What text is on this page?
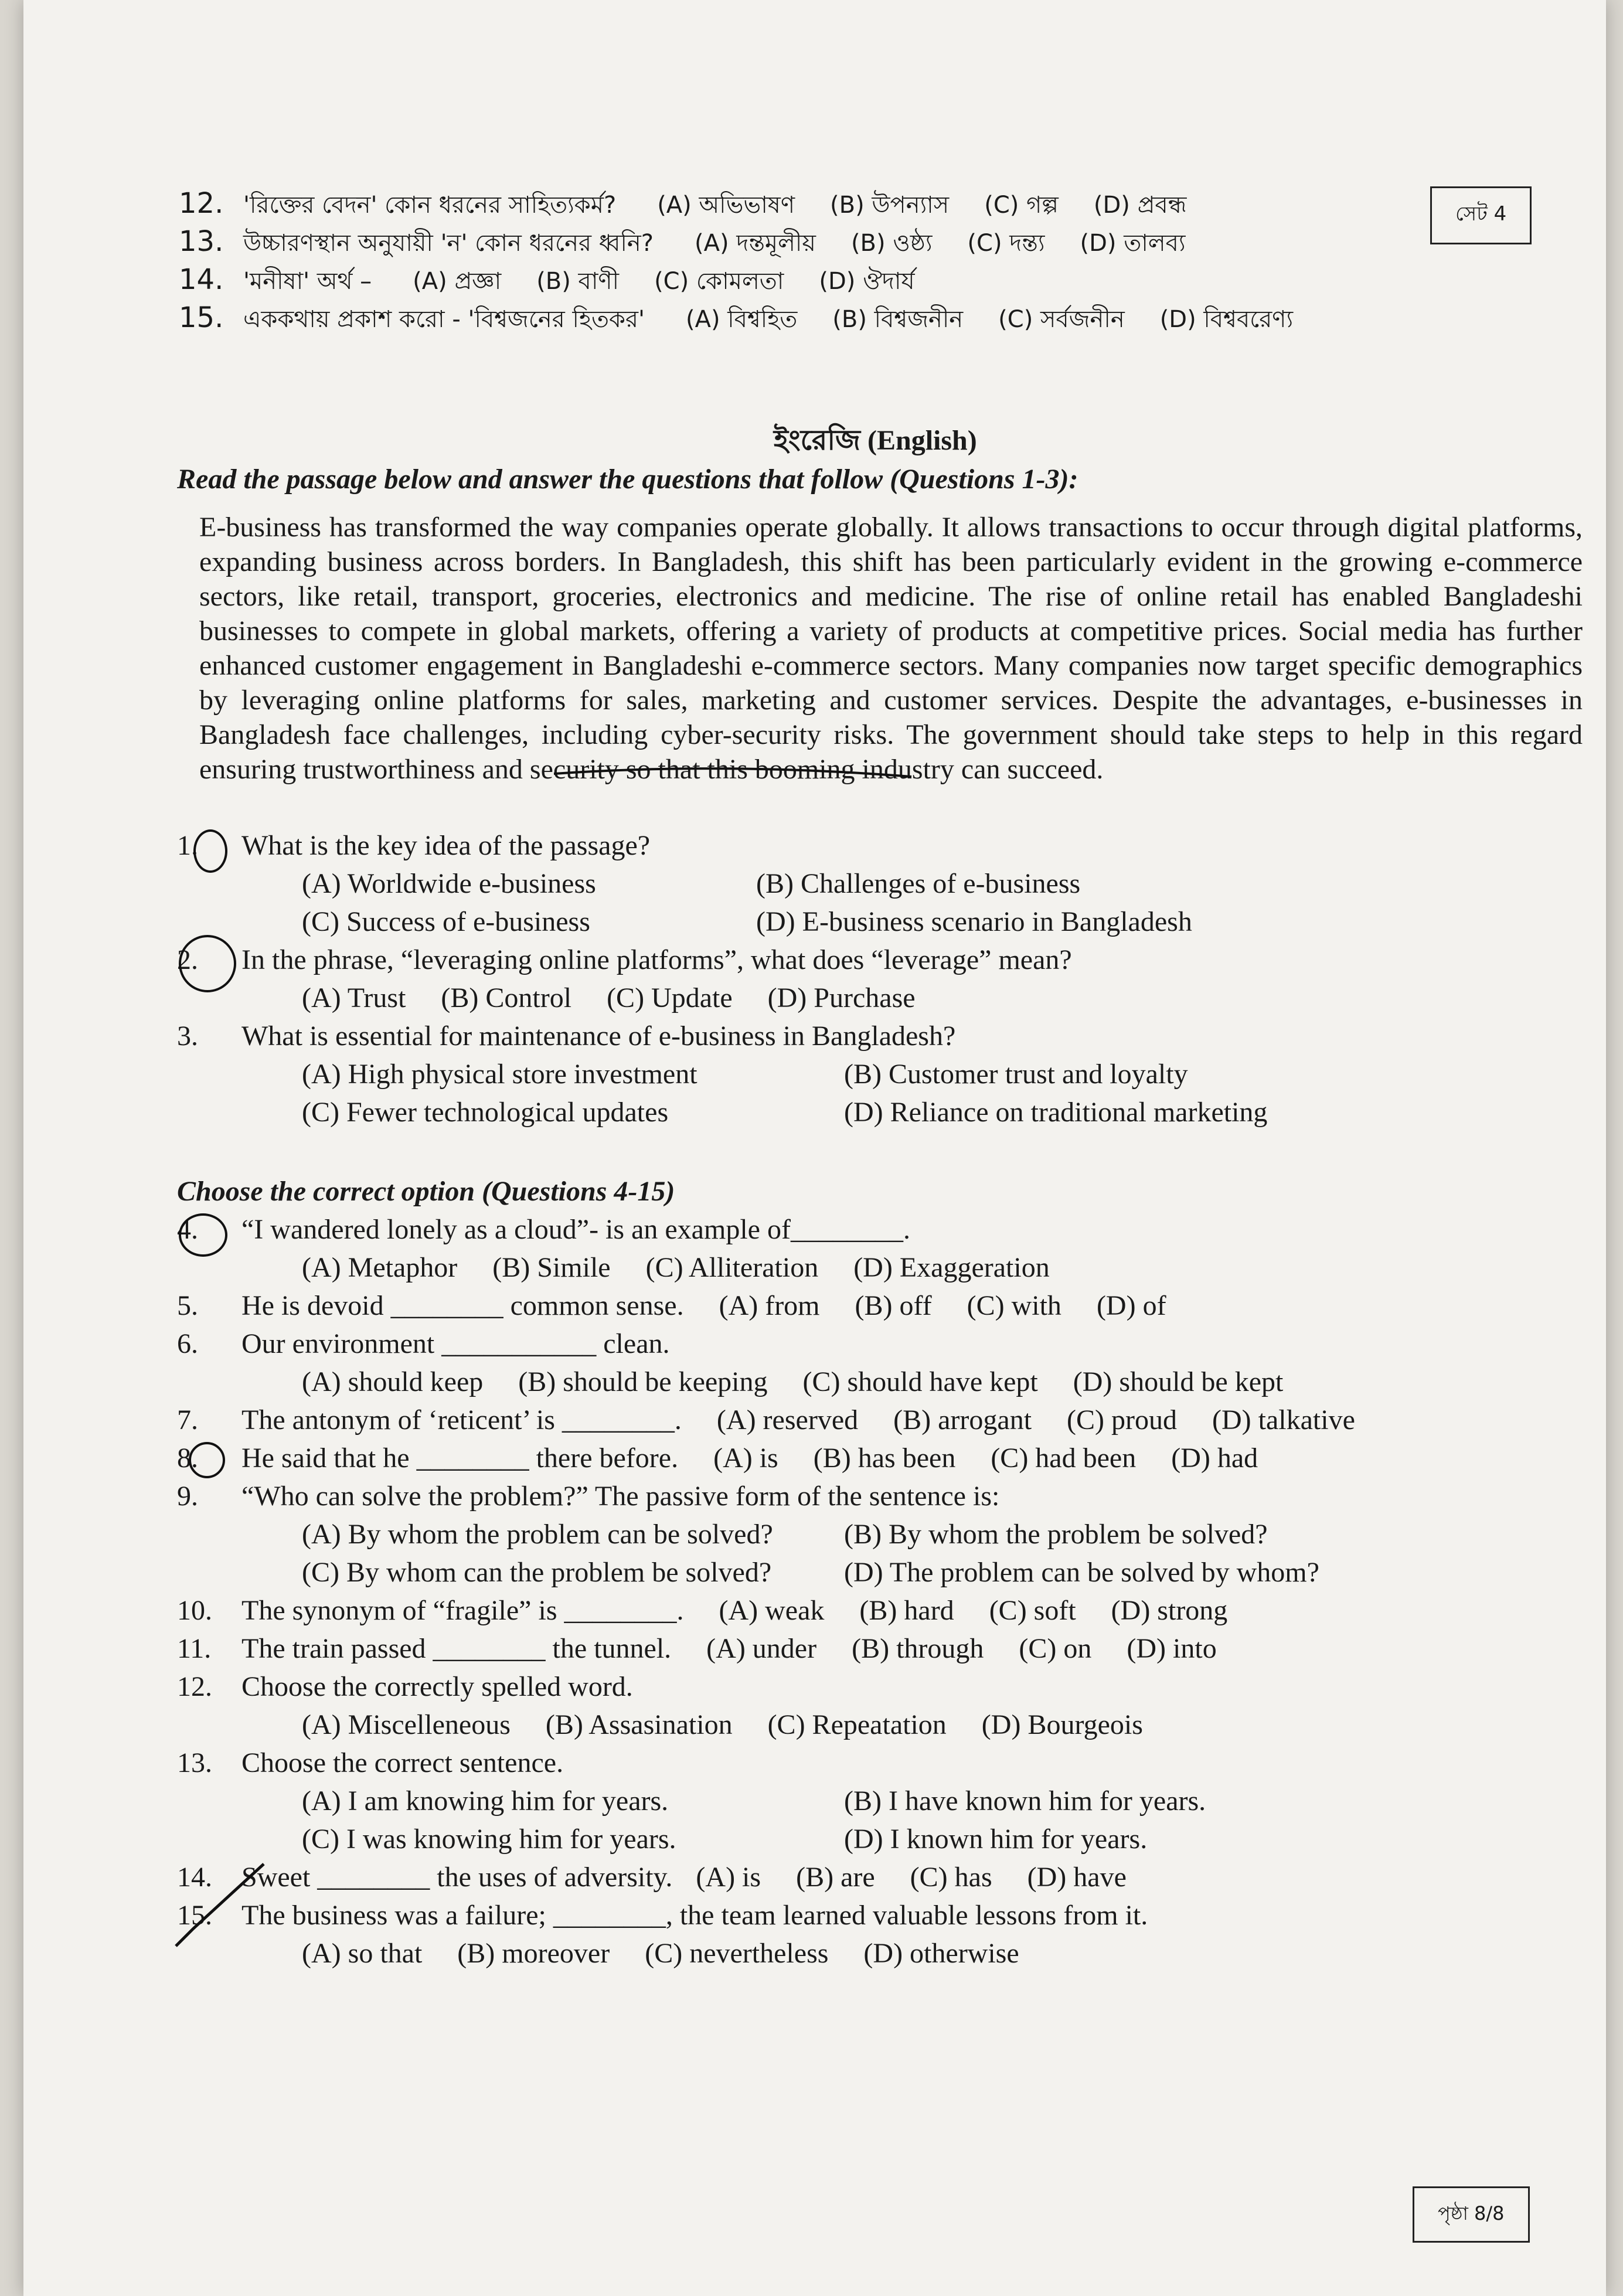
সেট 4
12. 'রিক্তের বেদন' কোন ধরনের সাহিত্যকর্ম? (A) অভিভাষণ (B) উপন্যাস (C) গল্প (D) প্রবন্ধ
13. উচ্চারণস্থান অনুযায়ী 'ন' কোন ধরনের ধ্বনি? (A) দন্তমূলীয় (B) ওষ্ঠ্য (C) দন্ত্য (D) তালব্য
14. 'মনীষা' অর্থ – (A) প্রজ্ঞা (B) বাণী (C) কোমলতা (D) ঔদার্য
15. এককথায় প্রকাশ করো - 'বিশ্বজনের হিতকর' (A) বিশ্বহিত (B) বিশ্বজনীন (C) সর্বজনীন (D) বিশ্ববরেণ্য
ইংরেজি (English)
Read the passage below and answer the questions that follow (Questions 1-3):
E-business has transformed the way companies operate globally. It allows transactions to occur through digital platforms, expanding business across borders. In Bangladesh, this shift has been particularly evident in the growing e-commerce sectors, like retail, transport, groceries, electronics and medicine. The rise of online retail has enabled Bangladeshi businesses to compete in global markets, offering a variety of products at competitive prices. Social media has further enhanced customer engagement in Bangladeshi e-commerce sectors. Many companies now target specific demographics by leveraging online platforms for sales, marketing and customer services. Despite the advantages, e-businesses in Bangladesh face challenges, including cyber-security risks. The government should take steps to help in this regard ensuring trustworthiness and security so that this booming industry can succeed.
1. What is the key idea of the passage?
(A) Worldwide e-business	(B) Challenges of e-business
(C) Success of e-business	(D) E-business scenario in Bangladesh
2. In the phrase, “leveraging online platforms”, what does “leverage” mean?
(A) Trust (B) Control (C) Update (D) Purchase
3. What is essential for maintenance of e-business in Bangladesh?
(A) High physical store investment	(B) Customer trust and loyalty
(C) Fewer technological updates	(D) Reliance on traditional marketing
Choose the correct option (Questions 4-15)
4. “I wandered lonely as a cloud”- is an example of________.
(A) Metaphor (B) Simile (C) Alliteration (D) Exaggeration
5. He is devoid ________ common sense. (A) from (B) off (C) with (D) of
6. Our environment ___________ clean.
(A) should keep (B) should be keeping (C) should have kept (D) should be kept
7. The antonym of ‘reticent’ is ________. (A) reserved (B) arrogant (C) proud (D) talkative
8. He said that he ________ there before. (A) is (B) has been (C) had been (D) had
9. “Who can solve the problem?” The passive form of the sentence is:
(A) By whom the problem can be solved?	(B) By whom the problem be solved?
(C) By whom can the problem be solved?	(D) The problem can be solved by whom?
10. The synonym of “fragile” is ________. (A) weak (B) hard (C) soft (D) strong
11. The train passed ________ the tunnel. (A) under (B) through (C) on (D) into
12. Choose the correctly spelled word.
(A) Miscelleneous (B) Assasination (C) Repeatation (D) Bourgeois
13. Choose the correct sentence.
(A) I am knowing him for years.	(B) I have known him for years.
(C) I was knowing him for years.	(D) I known him for years.
14. Sweet ________ the uses of adversity. (A) is (B) are (C) has (D) have
15. The business was a failure; ________, the team learned valuable lessons from it.
(A) so that (B) moreover (C) nevertheless (D) otherwise
পৃষ্ঠা 8/8
